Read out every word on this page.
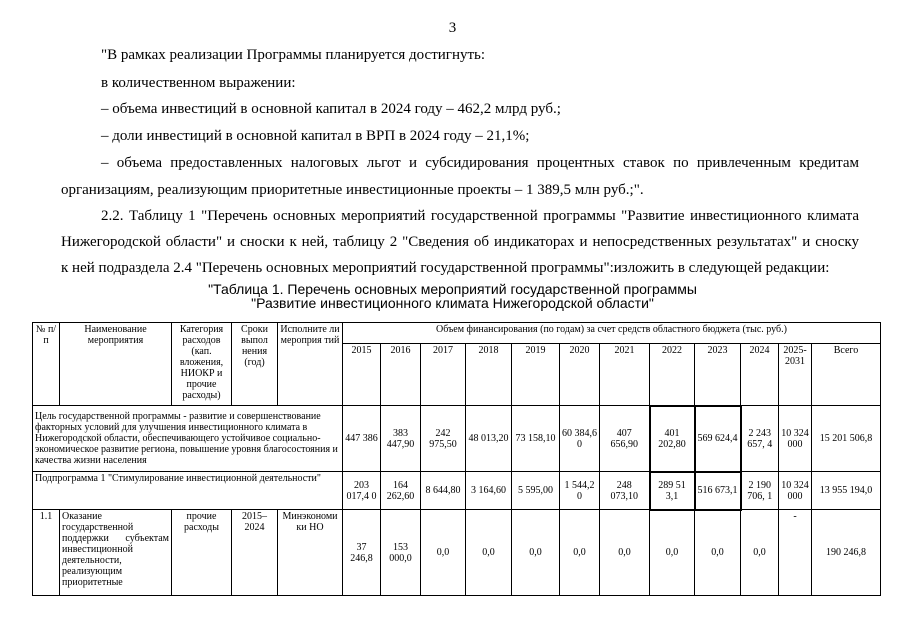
3
"В рамках реализации Программы планируется достигнуть:
в количественном выражении:
– объема инвестиций в основной капитал в 2024 году – 462,2 млрд руб.;
– доли инвестиций в основной капитал в ВРП в 2024 году – 21,1%;
– объема предоставленных налоговых льгот и субсидирования процентных ставок по привлеченным кредитам
организациям, реализующим приоритетные инвестиционные проекты – 1 389,5 млн руб.;".
2.2. Таблицу 1 "Перечень основных мероприятий государственной программы "Развитие инвестиционного климата
Нижегородской области" и сноски к ней, таблицу 2 "Сведения об индикаторах и непосредственных результатах" и сноску
к ней подраздела 2.4 "Перечень основных мероприятий государственной программы":изложить в следующей редакции:
"Таблица 1. Перечень основных мероприятий государственной программы
"Развитие инвестиционного климата Нижегородской области"
№ п/п	Наименование мероприятия	Категория расходов (кап. вложения, НИОКР и прочие расходы)	Сроки выпол нения (год)	Исполните ли мероприя тий	Объем финансирования (по годам) за счет средств областного бюджета (тыс. руб.)											
					2015	2016	2017	2018	2019	2020	2021	2022	2023	2024	2025-2031	Всего
Цель государственной программы - развитие и совершенствование факторных условий для улучшения инвестиционного климата в Нижегородской области, обеспечивающего устойчивое социально-экономическое развитие региона, повышение уровня благосостояния и качества жизни населения					447 386	383 447,90	242 975,50	48 013,20	73 158,10	60 384,6 0	407 656,90	401 202,80	569 624,4	2 243 657, 4	10 324 000	15 201 506,8
Подпрограмма 1 "Стимулирование инвестиционной деятельности"					203 017,4 0	164 262,60	8 644,80	3 164,60	5 595,00	1 544,2 0	248 073,10	289 51 3,1	516 673,1	2 190 706, 1	10 324 000	13 955 194,0
1.1	Оказание государственной поддержки субъектам инвестиционной деятельности, реализующим приоритетные	прочие расходы	2015– 2024	Минэкономи ки НО	37 246,8	153 000,0	0,0	0,0	0,0	0,0	0,0	0,0	0,0	0,0	-	190 246,8
